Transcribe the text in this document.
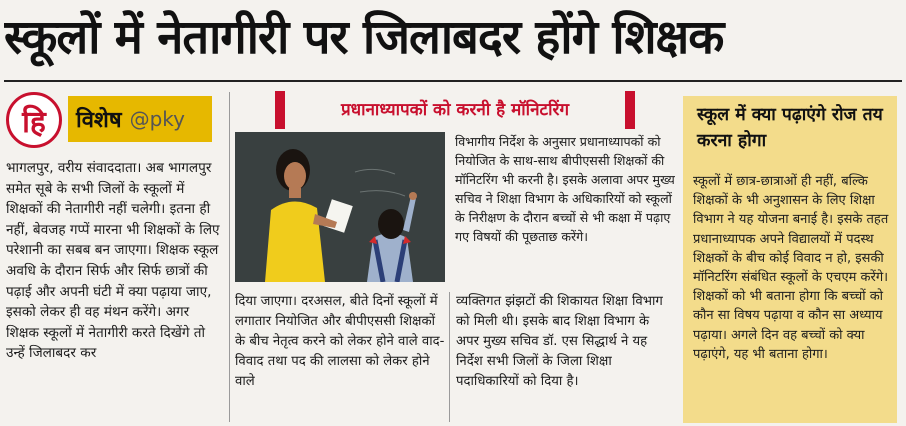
स्कूलों में नेतागीरी पर जिलाबदर होंगे शिक्षक
हि विशेष @pky

भागलपुर, वरीय संवाददाता। अब भागलपुर समेत सूबे के सभी जिलों के स्कूलों में शिक्षकों की नेतागीरी नहीं चलेगी। इतना ही नहीं, बेवजह गप्पें मारना भी शिक्षकों के लिए परेशानी का सबब बन जाएगा। शिक्षक स्कूल अवधि के दौरान सिर्फ और सिर्फ छात्रों की पढ़ाई और अपनी घंटी में क्या पढ़ाया जाए, इसको लेकर ही वह मंथन करेंगे। अगर शिक्षक स्कूलों में नेतागीरी करते दिखेंगे तो उन्हें जिलाबदर कर

प्रधानाध्यापकों को करनी है मॉनिटरिंग

विभागीय निर्देश के अनुसार प्रधानाध्यापकों को नियोजित के साथ-साथ बीपीएससी शिक्षकों की मॉनिटरिंग भी करनी है। इसके अलावा अपर मुख्य सचिव ने शिक्षा विभाग के अधिकारियों को स्कूलों के निरीक्षण के दौरान बच्चों से भी कक्षा में पढ़ाए गए विषयों की पूछताछ करेंगे।

दिया जाएगा। दरअसल, बीते दिनों स्कूलों में लगातार नियोजित और बीपीएससी शिक्षकों के बीच नेतृत्व करने को लेकर होने वाले वाद-विवाद तथा पद की लालसा को लेकर होने वाले

व्यक्तिगत झंझटों की शिकायत शिक्षा विभाग को मिली थी। इसके बाद शिक्षा विभाग के अपर मुख्य सचिव डॉ. एस सिद्धार्थ ने यह निर्देश सभी जिलों के जिला शिक्षा पदाधिकारियों को दिया है।

स्कूल में क्या पढ़ाएंगे रोज तय करना होगा

स्कूलों में छात्र-छात्राओं ही नहीं, बल्कि शिक्षकों के भी अनुशासन के लिए शिक्षा विभाग ने यह योजना बनाई है। इसके तहत प्रधानाध्यापक अपने विद्यालयों में पदस्थ शिक्षकों के बीच कोई विवाद न हो, इसकी मॉनिटरिंग संबंधित स्कूलों के एचएम करेंगे। शिक्षकों को भी बताना होगा कि बच्चों को कौन सा विषय पढ़ाया व कौन सा अध्याय पढ़ाया। अगले दिन वह बच्चों को क्या पढ़ाएंगे, यह भी बताना होगा।
